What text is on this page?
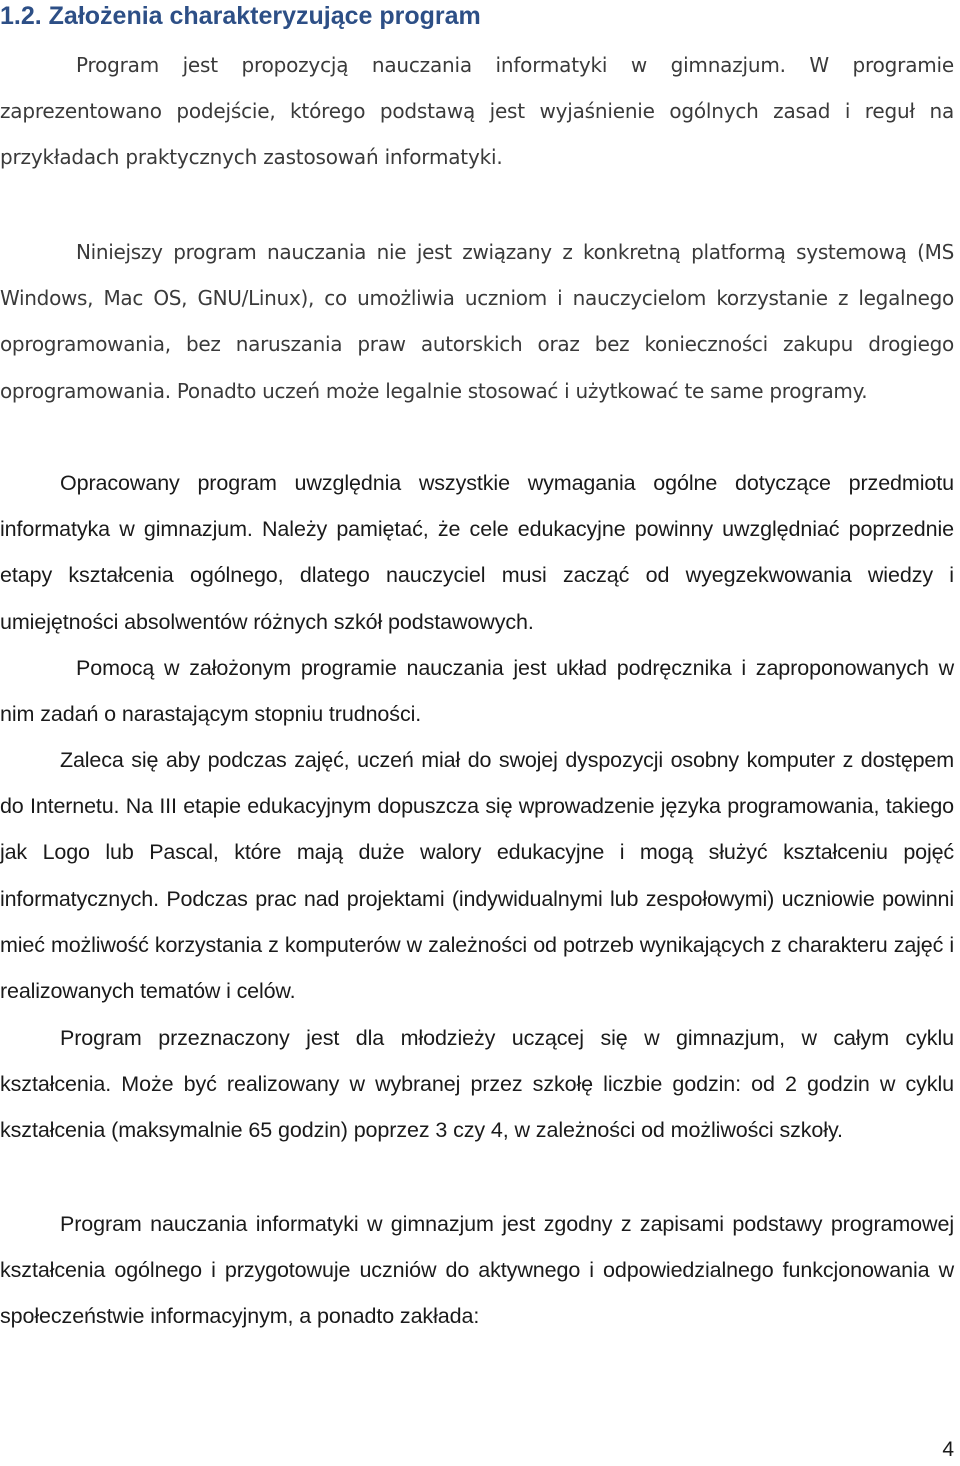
1.2. Założenia charakteryzujące program

Program jest propozycją nauczania informatyki w gimnazjum. W programie zaprezentowano podejście, którego podstawą jest wyjaśnienie ogólnych zasad i reguł na przykładach praktycznych zastosowań informatyki.

Niniejszy program nauczania nie jest związany z konkretną platformą systemową (MS Windows, Mac OS, GNU/Linux), co umożliwia uczniom i nauczycielom korzystanie z legalnego oprogramowania, bez naruszania praw autorskich oraz bez konieczności zakupu drogiego oprogramowania. Ponadto uczeń może legalnie stosować i użytkować te same programy.

Opracowany program uwzględnia wszystkie wymagania ogólne dotyczące przedmiotu informatyka w gimnazjum. Należy pamiętać, że cele edukacyjne powinny uwzględniać poprzednie etapy kształcenia ogólnego, dlatego nauczyciel musi zacząć od wyegzekwowania wiedzy i umiejętności absolwentów różnych szkół podstawowych.

Pomocą w założonym programie nauczania jest układ podręcznika i zaproponowanych w nim zadań o narastającym stopniu trudności.

Zaleca się aby podczas zajęć, uczeń miał do swojej dyspozycji osobny komputer z dostępem do Internetu. Na III etapie edukacyjnym dopuszcza się wprowadzenie języka programowania, takiego jak Logo lub Pascal, które mają duże walory edukacyjne i mogą służyć kształceniu pojęć informatycznych. Podczas prac nad projektami (indywidualnymi lub zespołowymi) uczniowie powinni mieć możliwość korzystania z komputerów w zależności od potrzeb wynikających z charakteru zajęć i realizowanych tematów i celów.

Program przeznaczony jest dla młodzieży uczącej się w gimnazjum, w całym cyklu kształcenia. Może być realizowany w wybranej przez szkołę liczbie godzin: od 2 godzin w cyklu kształcenia (maksymalnie 65 godzin) poprzez 3 czy 4, w zależności od możliwości szkoły.

Program nauczania informatyki w gimnazjum jest zgodny z zapisami podstawy programowej kształcenia ogólnego i przygotowuje uczniów do aktywnego i odpowiedzialnego funkcjonowania w społeczeństwie informacyjnym, a ponadto zakłada:

4
